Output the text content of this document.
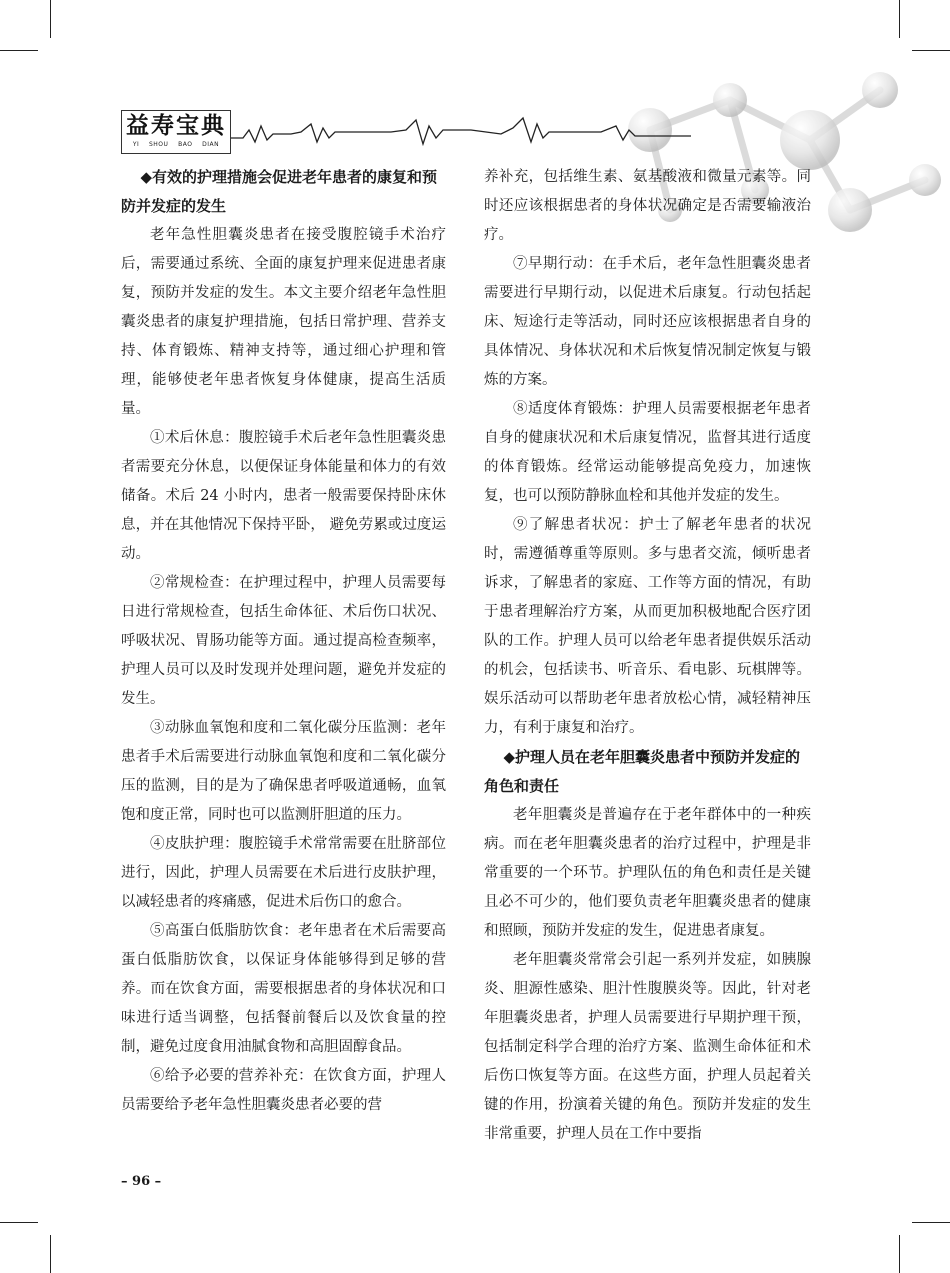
益寿宝典
YI SHOU BAO DIAN
◆有效的护理措施会促进老年患者的康复和预防并发症的发生

老年急性胆囊炎患者在接受腹腔镜手术治疗后，需要通过系统、全面的康复护理来促进患者康复，预防并发症的发生。本文主要介绍老年急性胆囊炎患者的康复护理措施，包括日常护理、营养支持、体育锻炼、精神支持等，通过细心护理和管理，能够使老年患者恢复身体健康，提高生活质量。

①术后休息：腹腔镜手术后老年急性胆囊炎患者需要充分休息，以便保证身体能量和体力的有效储备。术后 24 小时内，患者一般需要保持卧床休息，并在其他情况下保持平卧， 避免劳累或过度运动。

②常规检查：在护理过程中，护理人员需要每日进行常规检查，包括生命体征、术后伤口状况、呼吸状况、胃肠功能等方面。通过提高检查频率，护理人员可以及时发现并处理问题，避免并发症的发生。

③动脉血氧饱和度和二氧化碳分压监测：老年患者手术后需要进行动脉血氧饱和度和二氧化碳分压的监测，目的是为了确保患者呼吸道通畅，血氧饱和度正常，同时也可以监测肝胆道的压力。

④皮肤护理：腹腔镜手术常常需要在肚脐部位进行，因此，护理人员需要在术后进行皮肤护理，以减轻患者的疼痛感，促进术后伤口的愈合。

⑤高蛋白低脂肪饮食：老年患者在术后需要高蛋白低脂肪饮食，以保证身体能够得到足够的营养。而在饮食方面，需要根据患者的身体状况和口味进行适当调整，包括餐前餐后以及饮食量的控制，避免过度食用油腻食物和高胆固醇食品。

⑥给予必要的营养补充：在饮食方面，护理人员需要给予老年急性胆囊炎患者必要的营

养补充，包括维生素、氨基酸液和微量元素等。同时还应该根据患者的身体状况确定是否需要输液治疗。

⑦早期行动：在手术后，老年急性胆囊炎患者需要进行早期行动，以促进术后康复。行动包括起床、短途行走等活动，同时还应该根据患者自身的具体情况、身体状况和术后恢复情况制定恢复与锻炼的方案。

⑧适度体育锻炼：护理人员需要根据老年患者自身的健康状况和术后康复情况，监督其进行适度的体育锻炼。经常运动能够提高免疫力，加速恢复，也可以预防静脉血栓和其他并发症的发生。

⑨了解患者状况：护士了解老年患者的状况时，需遵循尊重等原则。多与患者交流，倾听患者诉求，了解患者的家庭、工作等方面的情况，有助于患者理解治疗方案，从而更加积极地配合医疗团队的工作。护理人员可以给老年患者提供娱乐活动的机会，包括读书、听音乐、看电影、玩棋牌等。娱乐活动可以帮助老年患者放松心情，减轻精神压力，有利于康复和治疗。

◆护理人员在老年胆囊炎患者中预防并发症的角色和责任

老年胆囊炎是普遍存在于老年群体中的一种疾病。而在老年胆囊炎患者的治疗过程中，护理是非常重要的一个环节。护理队伍的角色和责任是关键且必不可少的，他们要负责老年胆囊炎患者的健康和照顾，预防并发症的发生，促进患者康复。

老年胆囊炎常常会引起一系列并发症，如胰腺炎、胆源性感染、胆汁性腹膜炎等。因此，针对老年胆囊炎患者，护理人员需要进行早期护理干预，包括制定科学合理的治疗方案、监测生命体征和术后伤口恢复等方面。在这些方面，护理人员起着关键的作用，扮演着关键的角色。预防并发症的发生非常重要，护理人员在工作中要指

– 96 –
